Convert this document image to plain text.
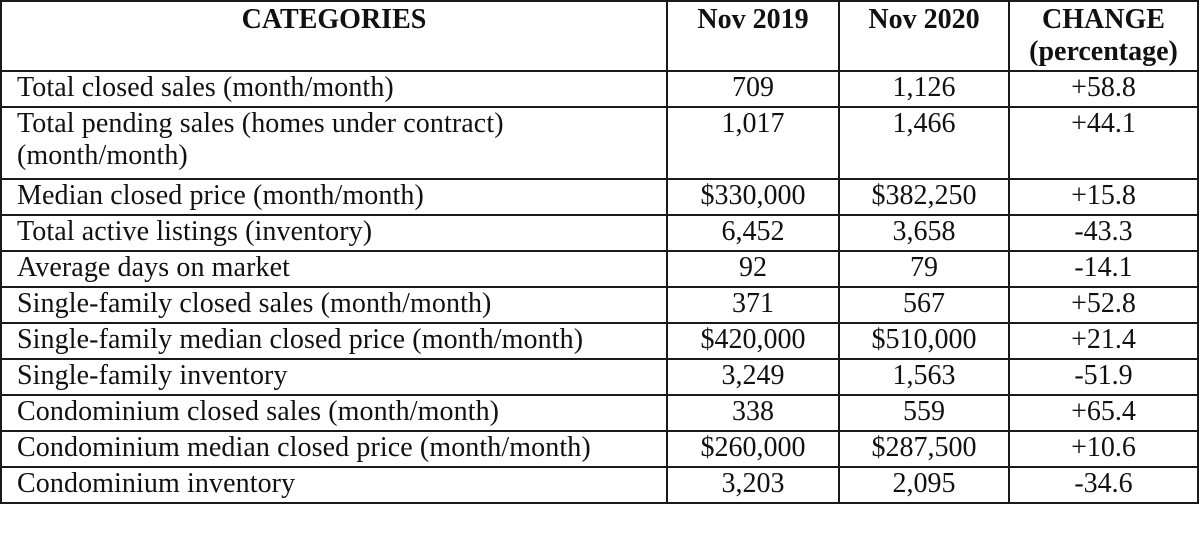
CATEGORIES	Nov 2019	Nov 2020	CHANGE
(percentage)

Total closed sales (month/month)	709	1,126	+58.8
Total pending sales (homes under contract) (month/month)	1,017	1,466	+44.1
Median closed price (month/month)	$330,000	$382,250	+15.8
Total active listings (inventory)	6,452	3,658	-43.3
Average days on market	92	79	-14.1
Single-family closed sales (month/month)	371	567	+52.8
Single-family median closed price (month/month)	$420,000	$510,000	+21.4
Single-family inventory	3,249	1,563	-51.9
Condominium closed sales (month/month)	338	559	+65.4
Condominium median closed price (month/month)	$260,000	$287,500	+10.6
Condominium inventory	3,203	2,095	-34.6
